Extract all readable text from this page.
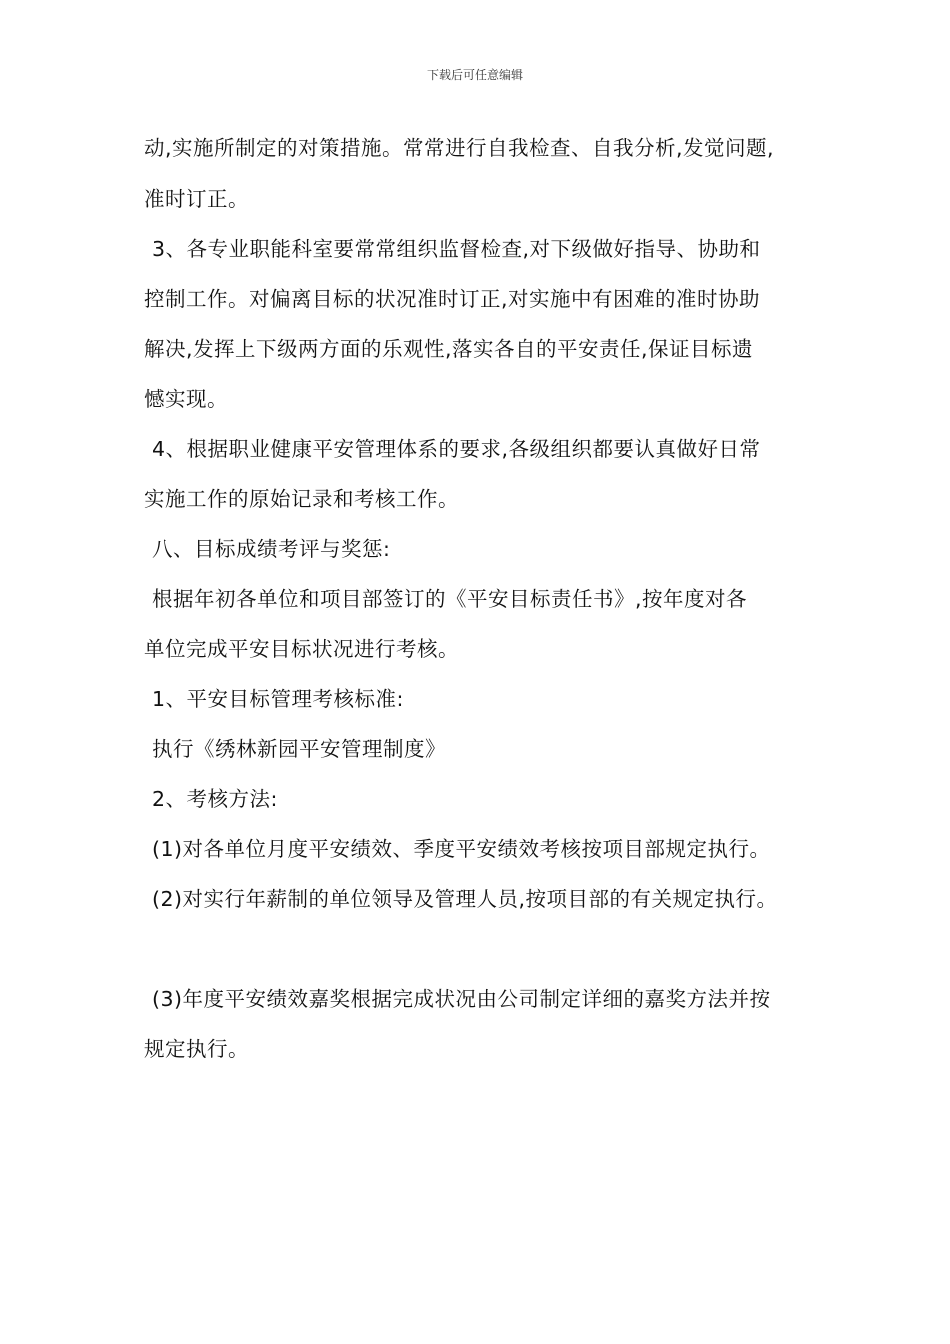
下载后可任意编辑
动,实施所制定的对策措施。常常进行自我检查、自我分析,发觉问题,
准时订正。
3、各专业职能科室要常常组织监督检查,对下级做好指导、协助和
控制工作。对偏离目标的状况准时订正,对实施中有困难的准时协助
解决,发挥上下级两方面的乐观性,落实各自的平安责任,保证目标遗
憾实现。
4、根据职业健康平安管理体系的要求,各级组织都要认真做好日常
实施工作的原始记录和考核工作。
八、目标成绩考评与奖惩:
根据年初各单位和项目部签订的《平安目标责任书》,按年度对各
单位完成平安目标状况进行考核。
1、平安目标管理考核标准:
执行《绣林新园平安管理制度》
2、考核方法:
(1)对各单位月度平安绩效、季度平安绩效考核按项目部规定执行。
(2)对实行年薪制的单位领导及管理人员,按项目部的有关规定执行。
(3)年度平安绩效嘉奖根据完成状况由公司制定详细的嘉奖方法并按
规定执行。
